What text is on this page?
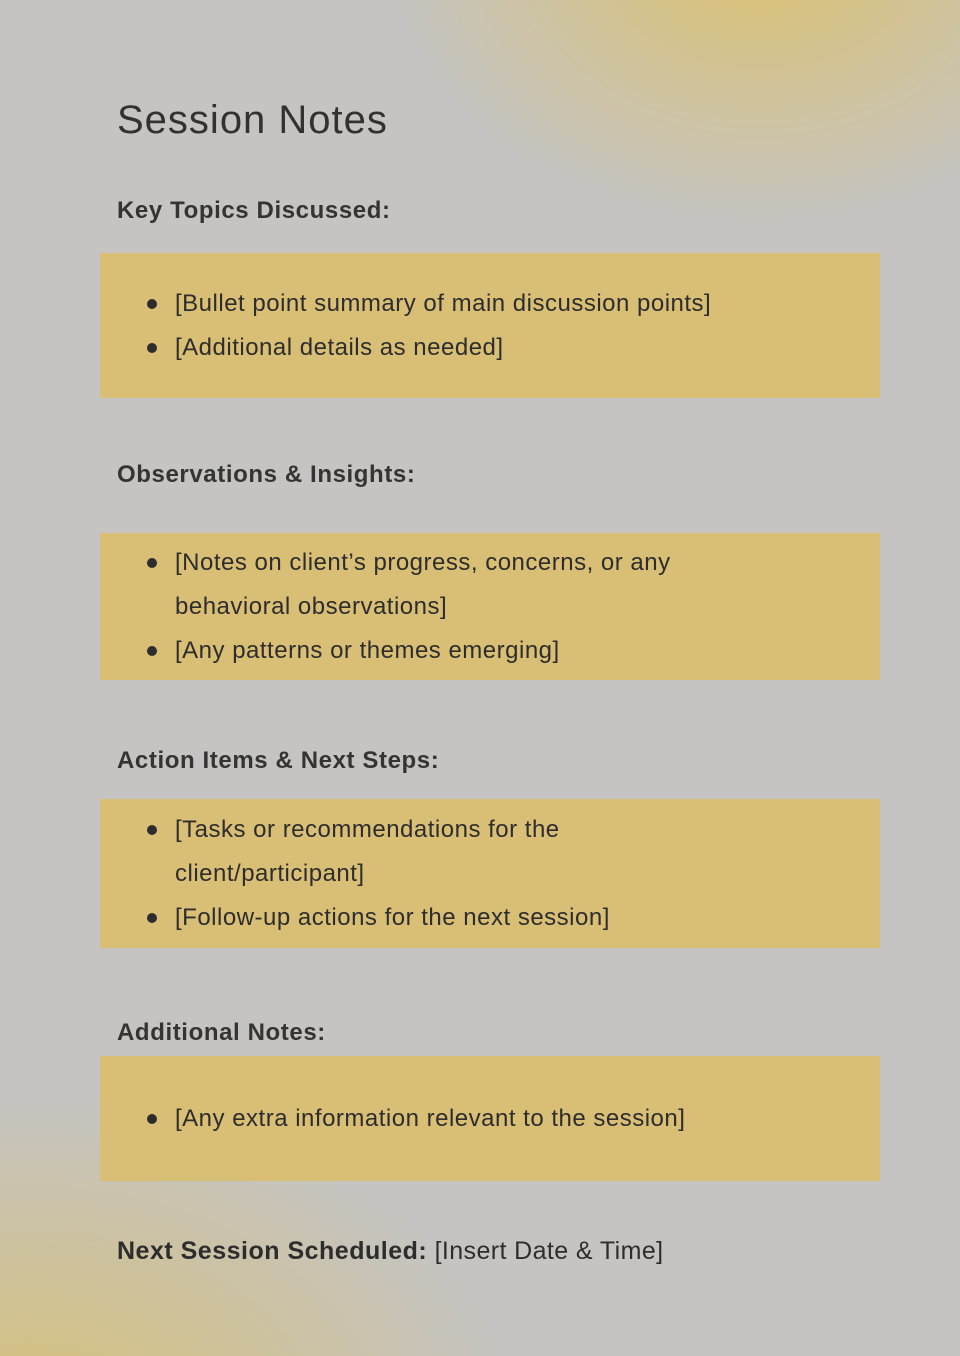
Session Notes
Key Topics Discussed:
[Bullet point summary of main discussion points]
[Additional details as needed]
Observations & Insights:
[Notes on client’s progress, concerns, or any behavioral observations]
[Any patterns or themes emerging]
Action Items & Next Steps:
[Tasks or recommendations for the client/participant]
[Follow-up actions for the next session]
Additional Notes:
[Any extra information relevant to the session]

Next Session Scheduled: [Insert Date & Time]
